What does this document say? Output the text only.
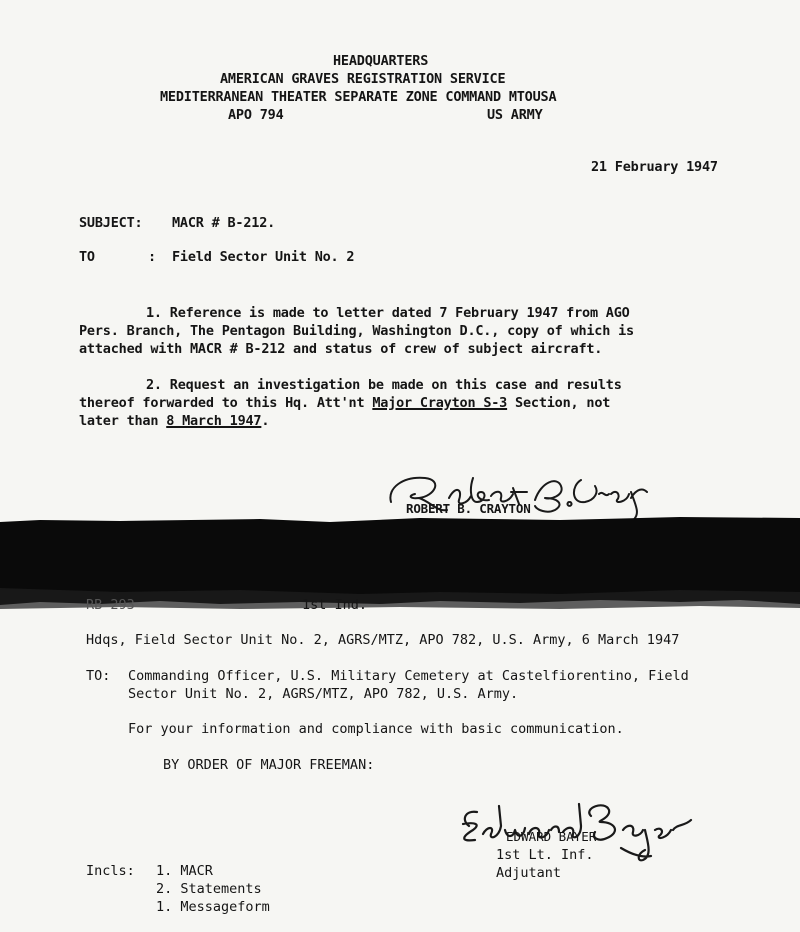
HEADQUARTERS
AMERICAN GRAVES REGISTRATION SERVICE
MEDITERRANEAN THEATER SEPARATE ZONE COMMAND MTOUSA
APO 794	US ARMY
21 February 1947
SUBJECT: MACR # B-212.
TO	: Field Sector Unit No. 2
1. Reference is made to letter dated 7 February 1947 from AGO
Pers. Branch, The Pentagon Building, Washington D.C., copy of which is
attached with MACR # B-212 and status of crew of subject aircraft.
2. Request an investigation be made on this case and results
thereof forwarded to this Hq. Att'nt Major Crayton S-3 Section, not
later than 8 March 1947.
ROBERT B. CRAYTON
RB 293	1st Ind.
Hdqs, Field Sector Unit No. 2, AGRS/MTZ, APO 782, U.S. Army, 6 March 1947
TO: Commanding Officer, U.S. Military Cemetery at Castelfiorentino, Field
Sector Unit No. 2, AGRS/MTZ, APO 782, U.S. Army.
For your information and compliance with basic communication.
BY ORDER OF MAJOR FREEMAN:
EDWARD BAYER
1st Lt. Inf.
Adjutant
Incls: 1. MACR
2. Statements
1. Messageform
